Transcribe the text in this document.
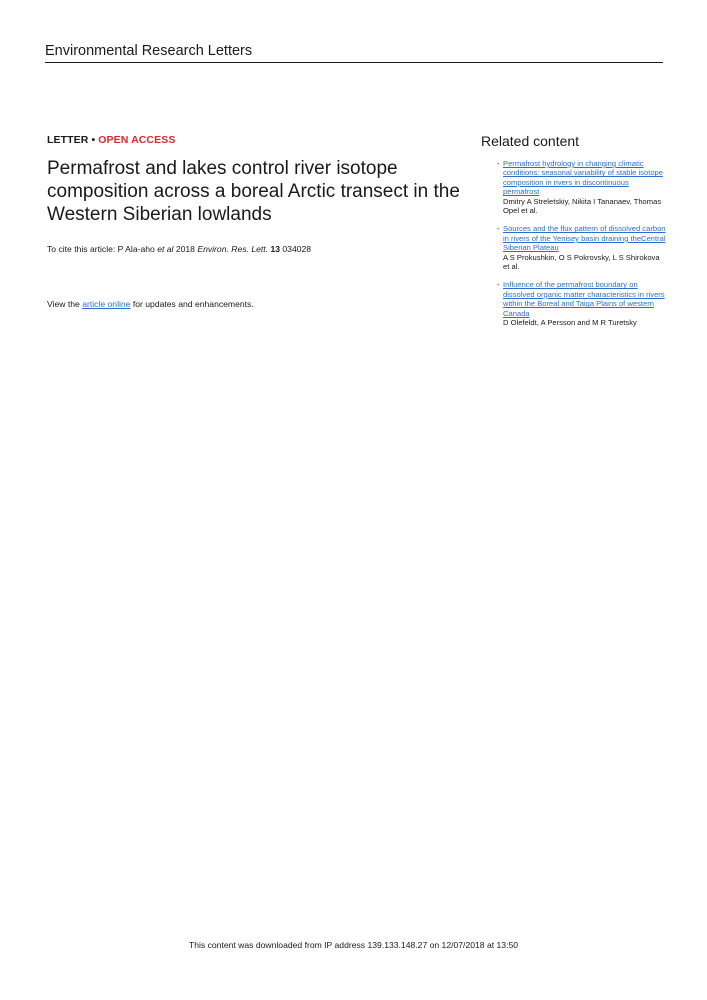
Environmental Research Letters
LETTER • OPEN ACCESS
Permafrost and lakes control river isotope composition across a boreal Arctic transect in the Western Siberian lowlands
To cite this article: P Ala-aho et al 2018 Environ. Res. Lett. 13 034028
View the article online for updates and enhancements.
Related content
- Permafrost hydrology in changing climatic conditions: seasonal variability of stable isotope composition in rivers in discontinuous permafrost
Dmitry A Streletskiy, Nikita I Tananaev, Thomas Opel et al.
- Sources and the flux pattern of dissolved carbon in rivers of the Yenisey basin draining theCentral Siberian Plateau
A S Prokushkin, O S Pokrovsky, L S Shirokova et al.
- Influence of the permafrost boundary on dissolved organic matter characteristics in rivers within the Boreal and Taiga Plains of western Canada
D Olefeldt, A Persson and M R Turetsky
This content was downloaded from IP address 139.133.148.27 on 12/07/2018 at 13:50
